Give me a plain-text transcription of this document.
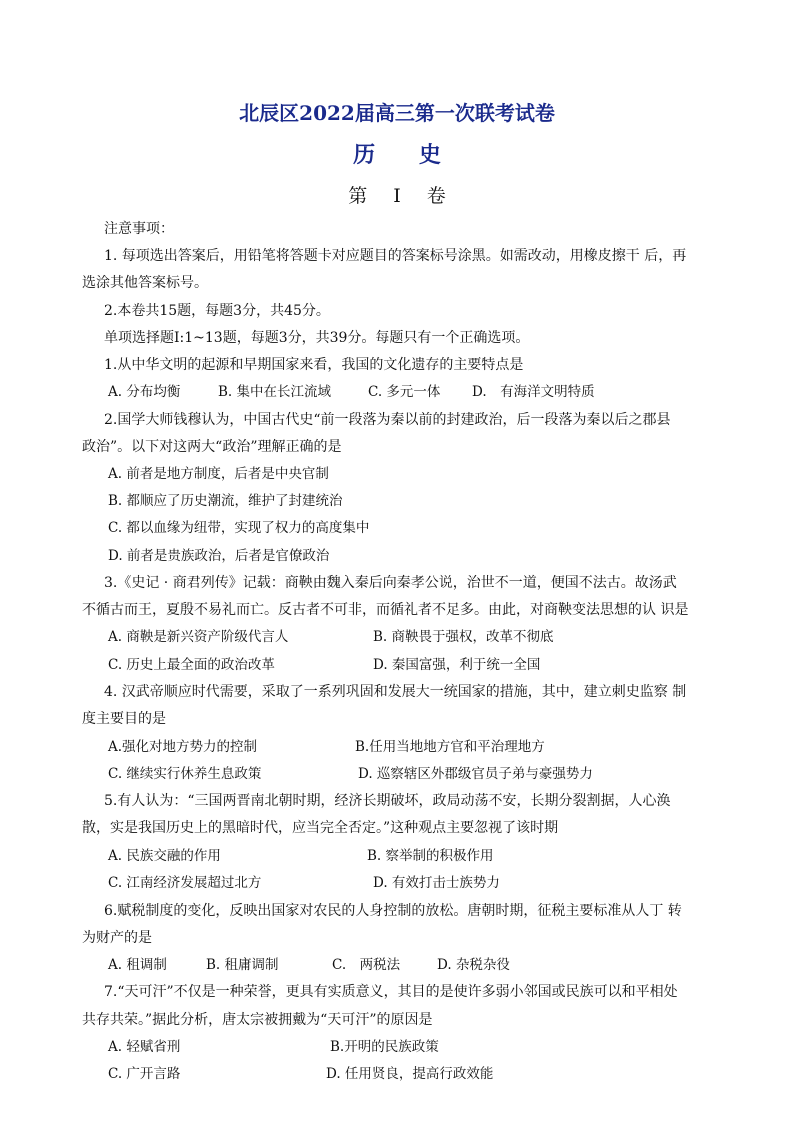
北辰区2022届高三第一次联考试卷
历 史
第 I 卷
注意事项：
1. 每项选出答案后，用铅笔将答题卡对应题目的答案标号涂黑。如需改动，用橡皮擦干 后，再
选涂其他答案标号。
2.本卷共15题，每题3分，共45分。
单项选择题I:1~13题，每题3分，共39分。每题只有一个正确选项。
1.从中华文明的起源和早期国家来看，我国的文化遗存的主要特点是
A. 分布均衡	B. 集中在长江流域	C. 多元一体 D.　有海洋文明特质
2.国学大师钱穆认为，中国古代史“前一段落为秦以前的封建政治，后一段落为秦以后之郡县
政治”。以下对这两大“政治”理解正确的是
A. 前者是地方制度，后者是中央官制
B. 都顺应了历史潮流，维护了封建统治
C. 都以血缘为纽带，实现了权力的高度集中
D. 前者是贵族政治，后者是官僚政治
3.《史记 · 商君列传》记载：商鞅由魏入秦后向秦孝公说，治世不一道，便国不法古。故汤武
不循古而王，夏殷不易礼而亡。反古者不可非，而循礼者不足多。由此，对商鞅变法思想的认 识是
A. 商鞅是新兴资产阶级代言人	B. 商鞅畏于强权，改革不彻底
C. 历史上最全面的政治改革	D. 秦国富强，利于统一全国
4. 汉武帝顺应时代需要，采取了一系列巩固和发展大一统国家的措施，其中，建立刺史监察 制
度主要目的是
A.强化对地方势力的控制	B.任用当地地方官和平治理地方
C. 继续实行休养生息政策	D. 巡察辖区外郡级官员子弟与豪强势力
5.有人认为：“三国两晋南北朝时期，经济长期破坏，政局动荡不安，长期分裂割据，人心涣
散，实是我国历史上的黑暗时代，应当完全否定。”这种观点主要忽视了该时期
A. 民族交融的作用	B. 察举制的积极作用
C. 江南经济发展超过北方	D. 有效打击士族势力
6.赋税制度的变化，反映出国家对农民的人身控制的放松。唐朝时期，征税主要标准从人丁 转
为财产的是
A. 租调制	B. 租庸调制	C.　两税法	D. 杂税杂役
7.“天可汗”不仅是一种荣誉，更具有实质意义，其目的是使许多弱小邻国或民族可以和平相处
共存共荣。”据此分析，唐太宗被拥戴为“天可汗”的原因是
A. 轻赋省刑	B.开明的民族政策
C. 广开言路	D. 任用贤良，提高行政效能
